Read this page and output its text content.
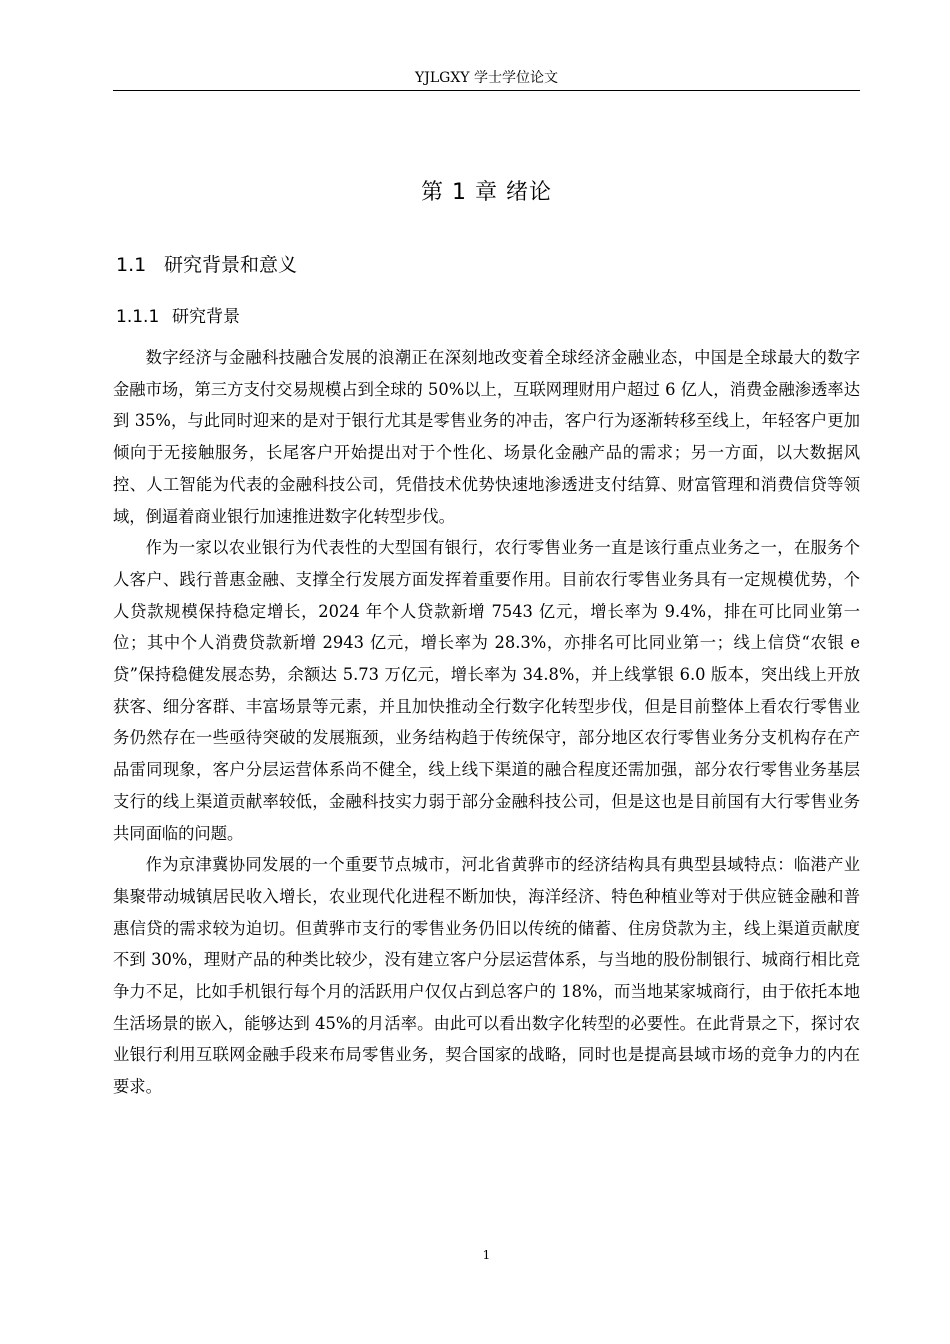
YJLGXY 学士学位论文
第 1 章 绪论
1.1 研究背景和意义
1.1.1 研究背景

数字经济与金融科技融合发展的浪潮正在深刻地改变着全球经济金融业态，中国是全球最大的数字金融市场，第三方支付交易规模占到全球的 50%以上，互联网理财用户超过 6 亿人，消费金融渗透率达到 35%，与此同时迎来的是对于银行尤其是零售业务的冲击，客户行为逐渐转移至线上，年轻客户更加倾向于无接触服务，长尾客户开始提出对于个性化、场景化金融产品的需求；另一方面，以大数据风控、人工智能为代表的金融科技公司，凭借技术优势快速地渗透进支付结算、财富管理和消费信贷等领域，倒逼着商业银行加速推进数字化转型步伐。

作为一家以农业银行为代表性的大型国有银行，农行零售业务一直是该行重点业务之一，在服务个人客户、践行普惠金融、支撑全行发展方面发挥着重要作用。目前农行零售业务具有一定规模优势，个人贷款规模保持稳定增长，2024 年个人贷款新增 7543 亿元，增长率为 9.4%，排在可比同业第一位；其中个人消费贷款新增 2943 亿元，增长率为 28.3%，亦排名可比同业第一；线上信贷“农银 e 贷”保持稳健发展态势，余额达 5.73 万亿元，增长率为 34.8%，并上线掌银 6.0 版本，突出线上开放获客、细分客群、丰富场景等元素，并且加快推动全行数字化转型步伐，但是目前整体上看农行零售业务仍然存在一些亟待突破的发展瓶颈，业务结构趋于传统保守，部分地区农行零售业务分支机构存在产品雷同现象，客户分层运营体系尚不健全，线上线下渠道的融合程度还需加强，部分农行零售业务基层支行的线上渠道贡献率较低，金融科技实力弱于部分金融科技公司，但是这也是目前国有大行零售业务共同面临的问题。

作为京津冀协同发展的一个重要节点城市，河北省黄骅市的经济结构具有典型县域特点：临港产业集聚带动城镇居民收入增长，农业现代化进程不断加快，海洋经济、特色种植业等对于供应链金融和普惠信贷的需求较为迫切。但黄骅市支行的零售业务仍旧以传统的储蓄、住房贷款为主，线上渠道贡献度不到 30%，理财产品的种类比较少，没有建立客户分层运营体系，与当地的股份制银行、城商行相比竞争力不足，比如手机银行每个月的活跃用户仅仅占到总客户的 18%，而当地某家城商行，由于依托本地生活场景的嵌入，能够达到 45%的月活率。由此可以看出数字化转型的必要性。在此背景之下，探讨农业银行利用互联网金融手段来布局零售业务，契合国家的战略，同时也是提高县域市场的竞争力的内在要求。

1
